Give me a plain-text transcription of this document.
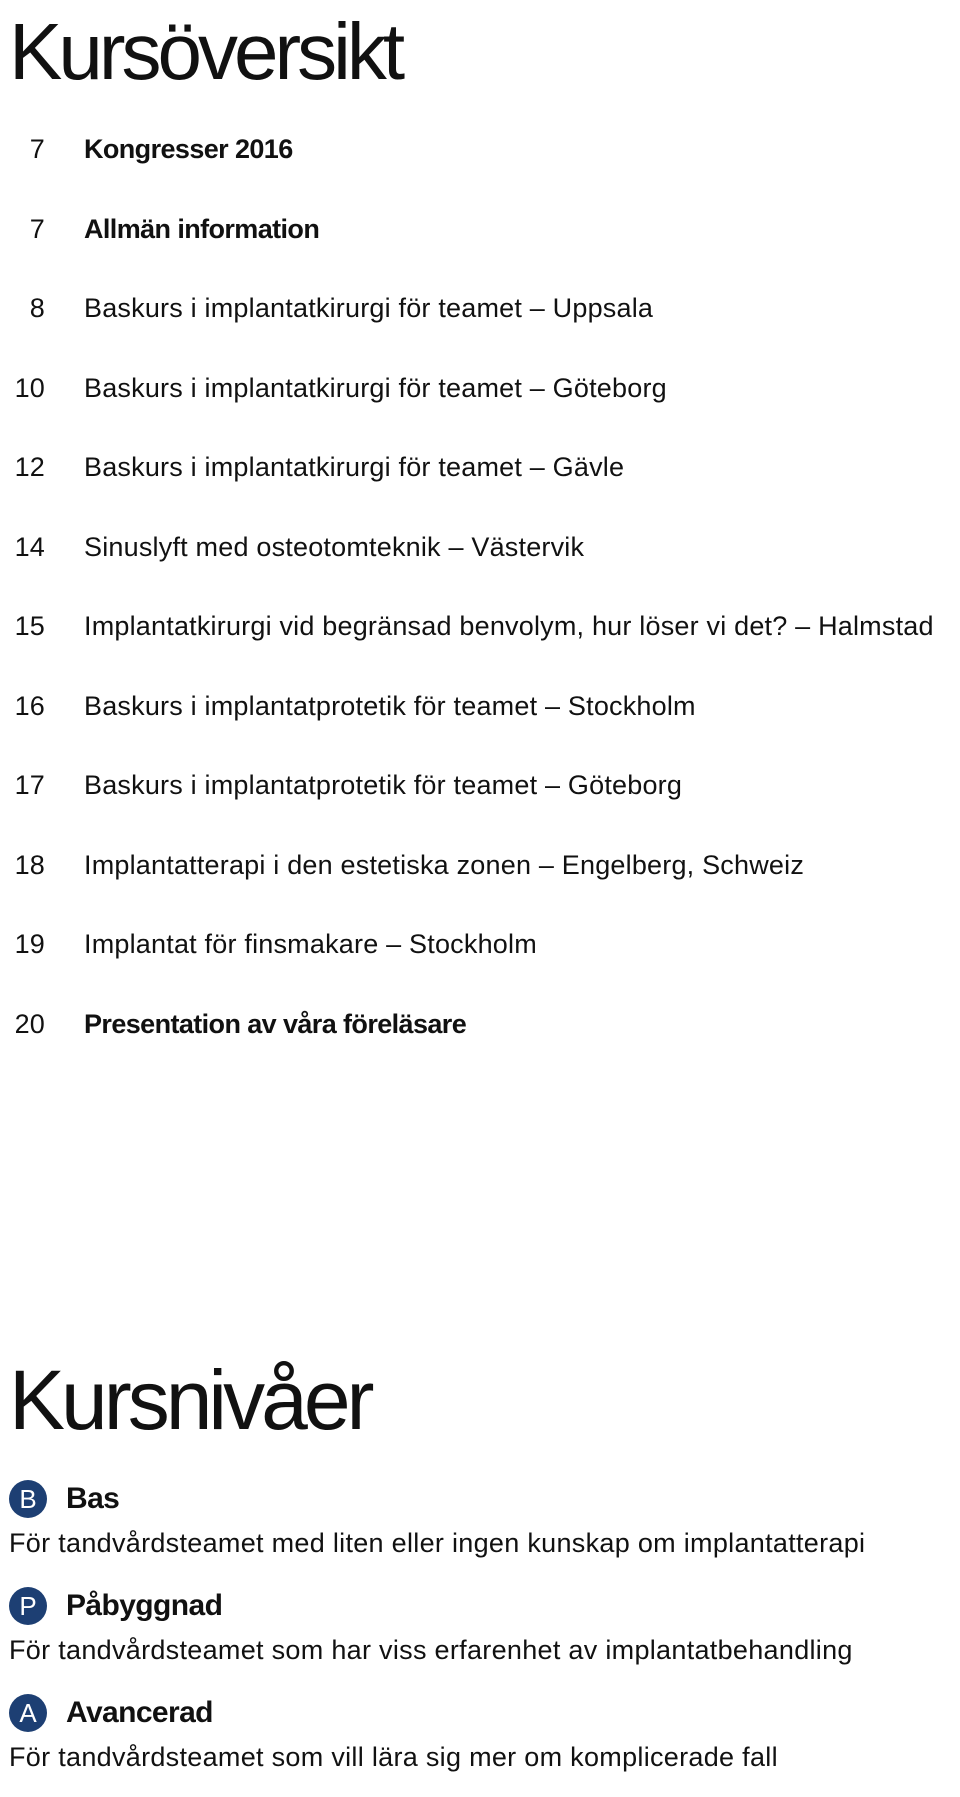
Kursöversikt
7 Kongresser 2016
7 Allmän information
8 Baskurs i implantatkirurgi för teamet – Uppsala
10 Baskurs i implantatkirurgi för teamet – Göteborg
12 Baskurs i implantatkirurgi för teamet – Gävle
14 Sinuslyft med osteotomteknik – Västervik
15 Implantatkirurgi vid begränsad benvolym, hur löser vi det? – Halmstad
16 Baskurs i implantatprotetik för teamet – Stockholm
17 Baskurs i implantatprotetik för teamet – Göteborg
18 Implantatterapi i den estetiska zonen – Engelberg, Schweiz
19 Implantat för finsmakare – Stockholm
20 Presentation av våra föreläsare
Kursnivåer
B Bas
För tandvårdsteamet med liten eller ingen kunskap om implantatterapi
P Påbyggnad
För tandvårdsteamet som har viss erfarenhet av implantatbehandling
A Avancerad
För tandvårdsteamet som vill lära sig mer om komplicerade fall
